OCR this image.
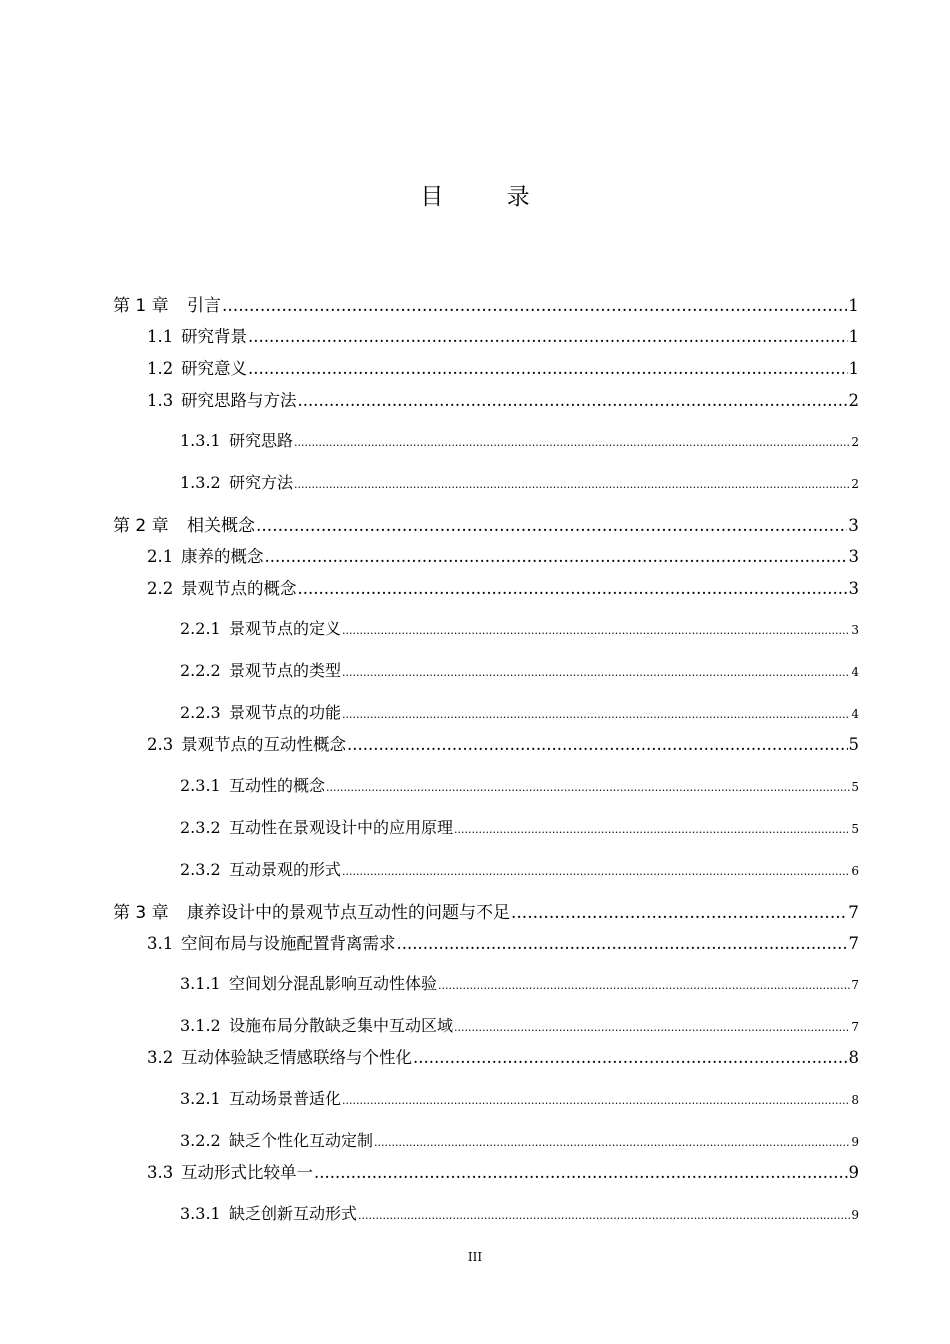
目 录
第 1 章	引言 .....	1
1.1 研究背景 .....	1
1.2 研究意义 .....	1
1.3 研究思路与方法 .....	2
1.3.1 研究思路 .....	2
1.3.2 研究方法 .....	2
第 2 章	相关概念 .....	3
2.1 康养的概念 .....	3
2.2 景观节点的概念 .....	3
2.2.1 景观节点的定义 .....	3
2.2.2 景观节点的类型 .....	4
2.2.3 景观节点的功能 .....	4
2.3 景观节点的互动性概念 .....	5
2.3.1 互动性的概念 .....	5
2.3.2 互动性在景观设计中的应用原理 .....	5
2.3.2 互动景观的形式 .....	6
第 3 章	康养设计中的景观节点互动性的问题与不足 .....	7
3.1 空间布局与设施配置背离需求 .....	7
3.1.1 空间划分混乱影响互动性体验 .....	7
3.1.2 设施布局分散缺乏集中互动区域 .....	7
3.2 互动体验缺乏情感联络与个性化 .....	8
3.2.1 互动场景普适化 .....	8
3.2.2 缺乏个性化互动定制 .....	9
3.3 互动形式比较单一 .....	9
3.3.1 缺乏创新互动形式 .....	9
III
